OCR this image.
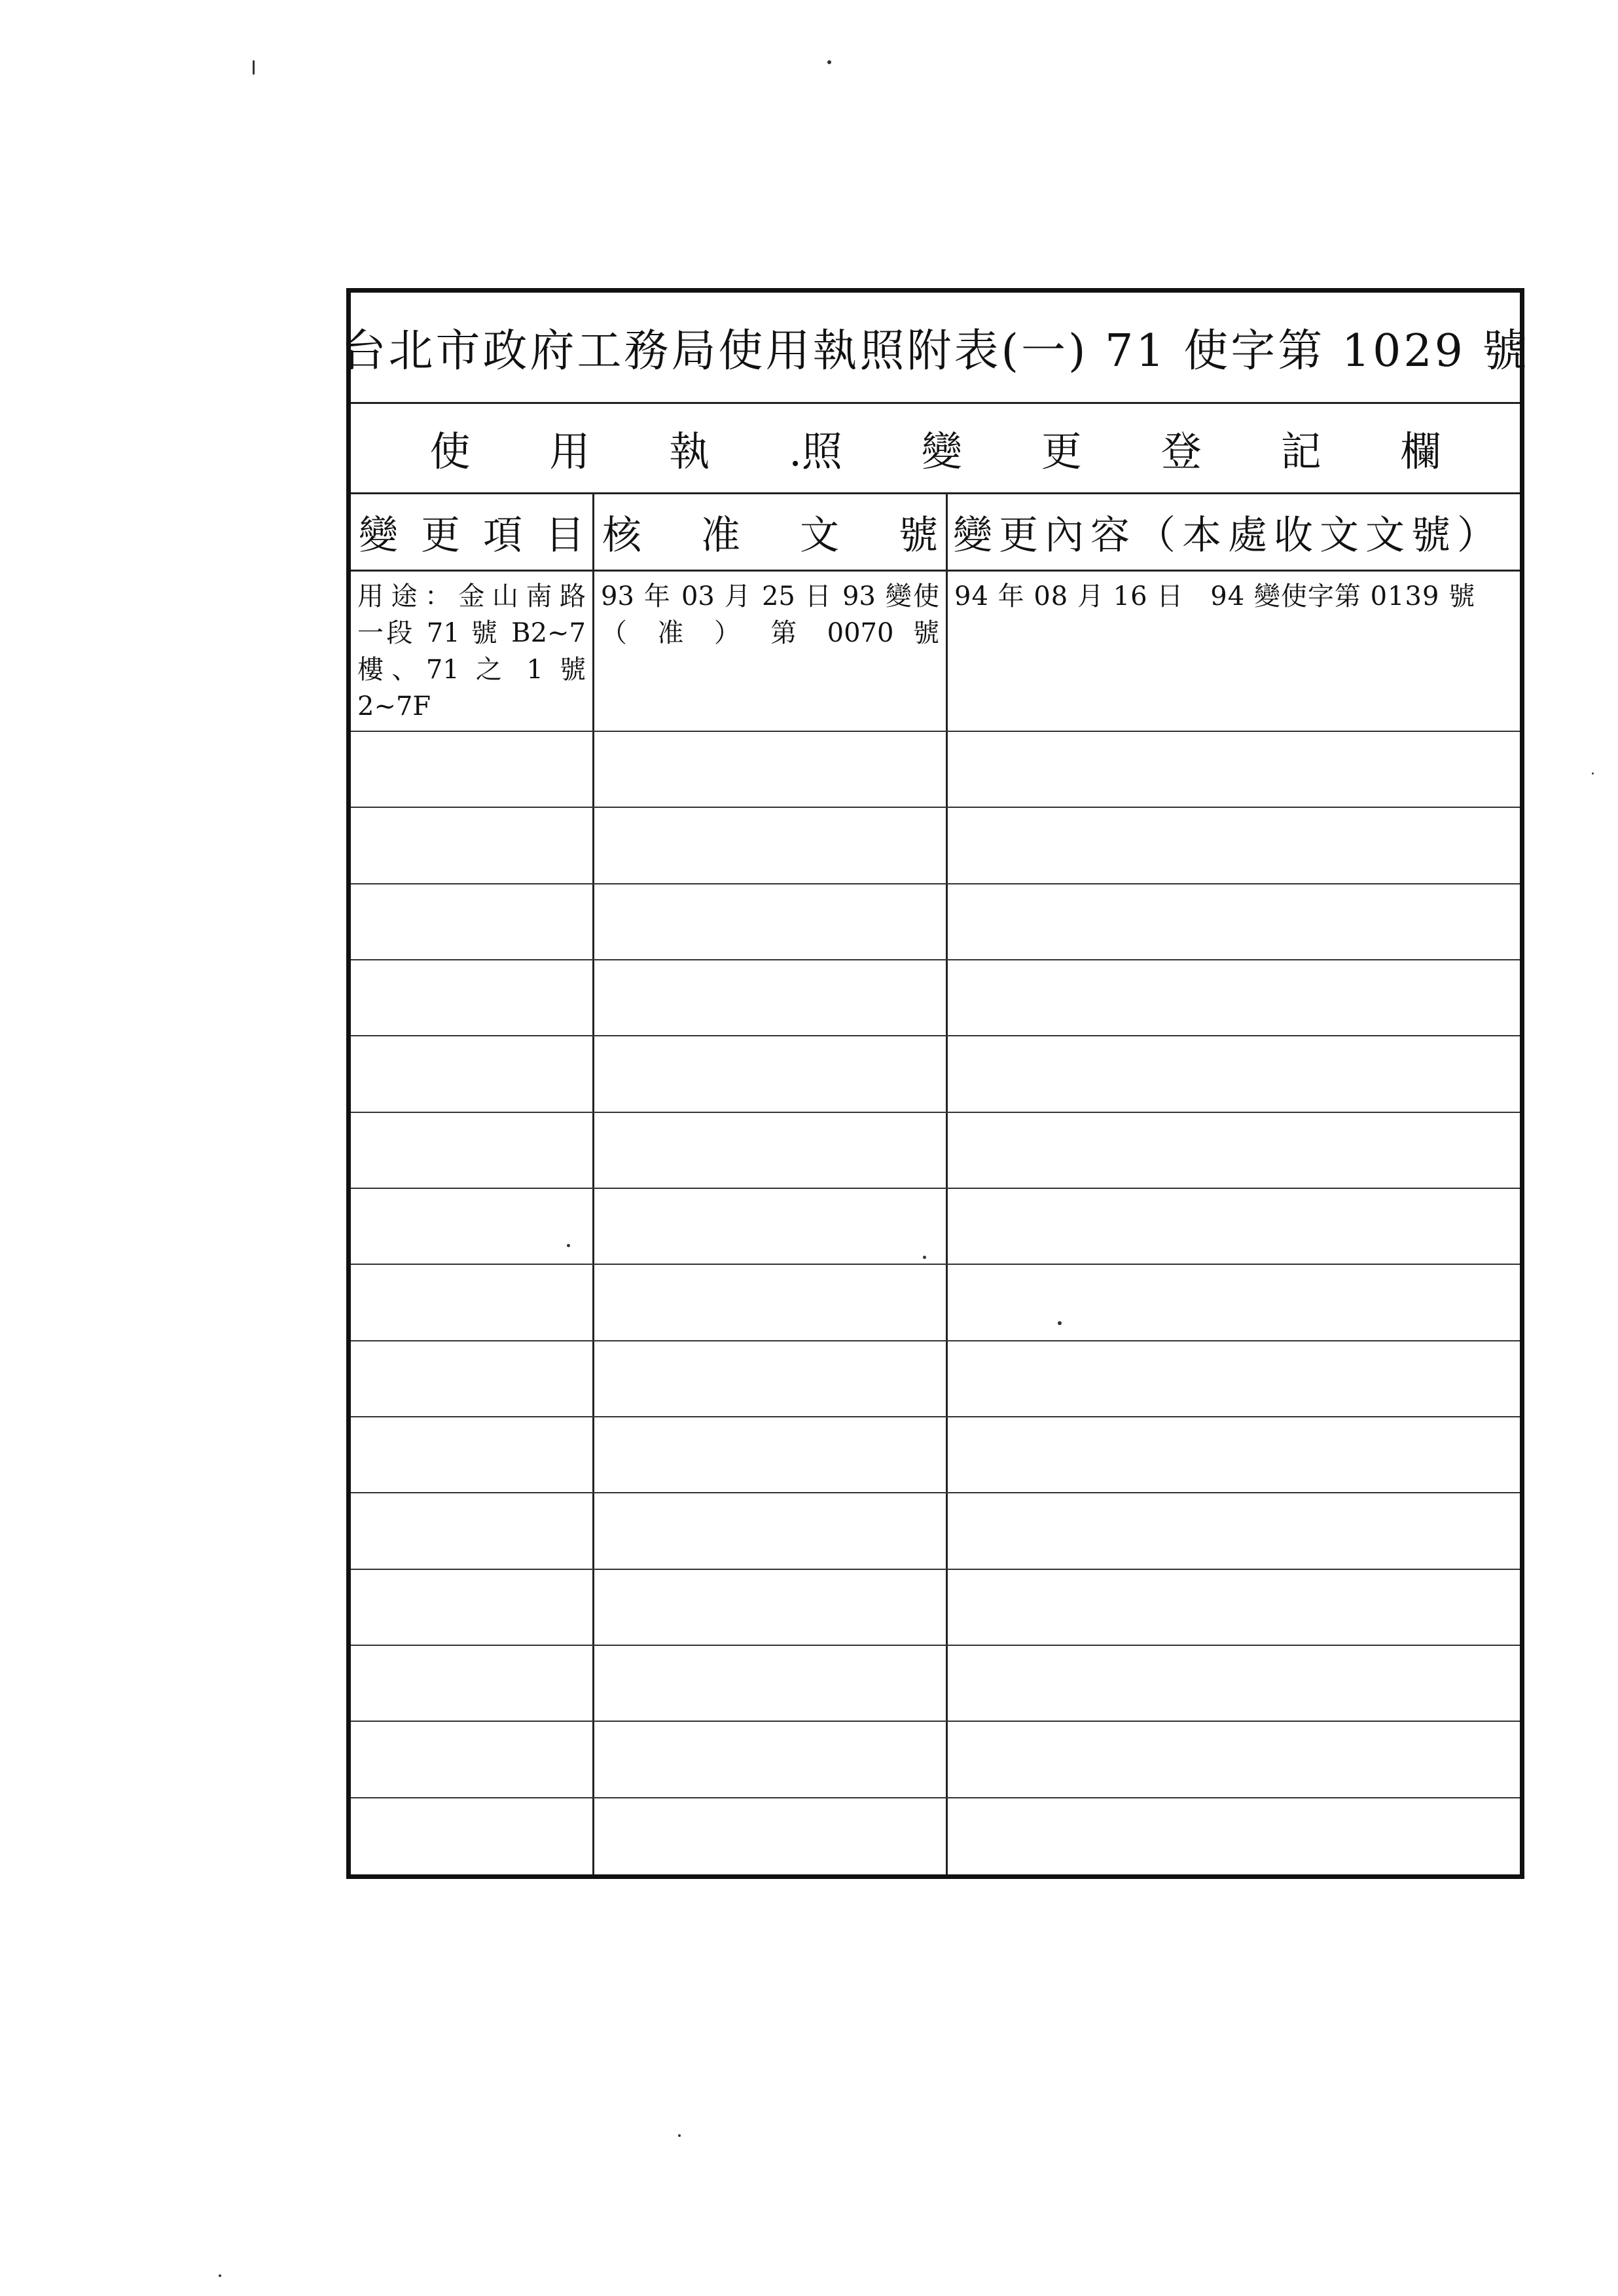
台北市政府工務局使用執照附表(一) 71 使字第 1029 號
使 用 執 .照 變 更 登 記 欄
變 更 項 目 核 准 文 號 變更內容（本處收文文號）
用途：金山南路
一段 71 號 B2~7
樓、71 之 1 號
2~7F
93 年 03 月 25 日 93 變使
（ 准 ） 第 0070 號
94 年 08 月 16 日　94 變使字第 0139 號
